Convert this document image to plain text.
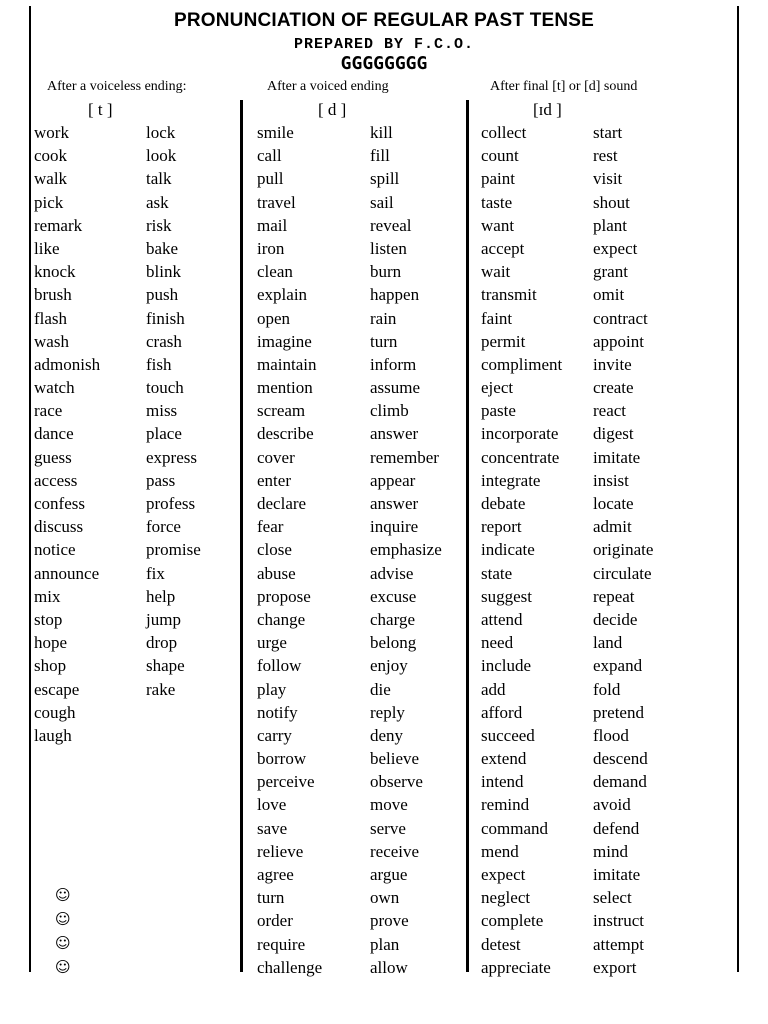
PRONUNCIATION OF REGULAR PAST TENSE
PREPARED BY F.C.O.
GGGGGGGG
After a voiceless ending:
[ t ]
work
cook
walk
pick
remark
like
knock
brush
flash
wash
admonish
watch
race
dance
guess
access
confess
discuss
notice
announce
mix
stop
hope
shop
escape
cough
laugh
lock
look
talk
ask
risk
bake
blink
push
finish
crash
fish
touch
miss
place
express
pass
profess
force
promise
fix
help
jump
drop
shape
rake
After a voiced ending
[ d ]
smile
call
pull
travel
mail
iron
clean
explain
open
imagine
maintain
mention
scream
describe
cover
enter
declare
fear
close
abuse
propose
change
urge
follow
play
notify
carry
borrow
perceive
love
save
relieve
agree
turn
order
require
challenge
kill
fill
spill
sail
reveal
listen
burn
happen
rain
turn
inform
assume
climb
answer
remember
appear
answer
inquire
emphasize
advise
excuse
charge
belong
enjoy
die
reply
deny
believe
observe
move
serve
receive
argue
own
prove
plan
allow
After final [t] or [d] sound
[ɪd ]
collect
count
paint
taste
want
accept
wait
transmit
faint
permit
compliment
eject
paste
incorporate
concentrate
integrate
debate
report
indicate
state
suggest
attend
need
include
add
afford
succeed
extend
intend
remind
command
mend
expect
neglect
complete
detest
appreciate
start
rest
visit
shout
plant
expect
grant
omit
contract
appoint
invite
create
react
digest
imitate
insist
locate
admit
originate
circulate
repeat
decide
land
expand
fold
pretend
flood
descend
demand
avoid
defend
mind
imitate
select
instruct
attempt
export
☺
☺
☺
☺
